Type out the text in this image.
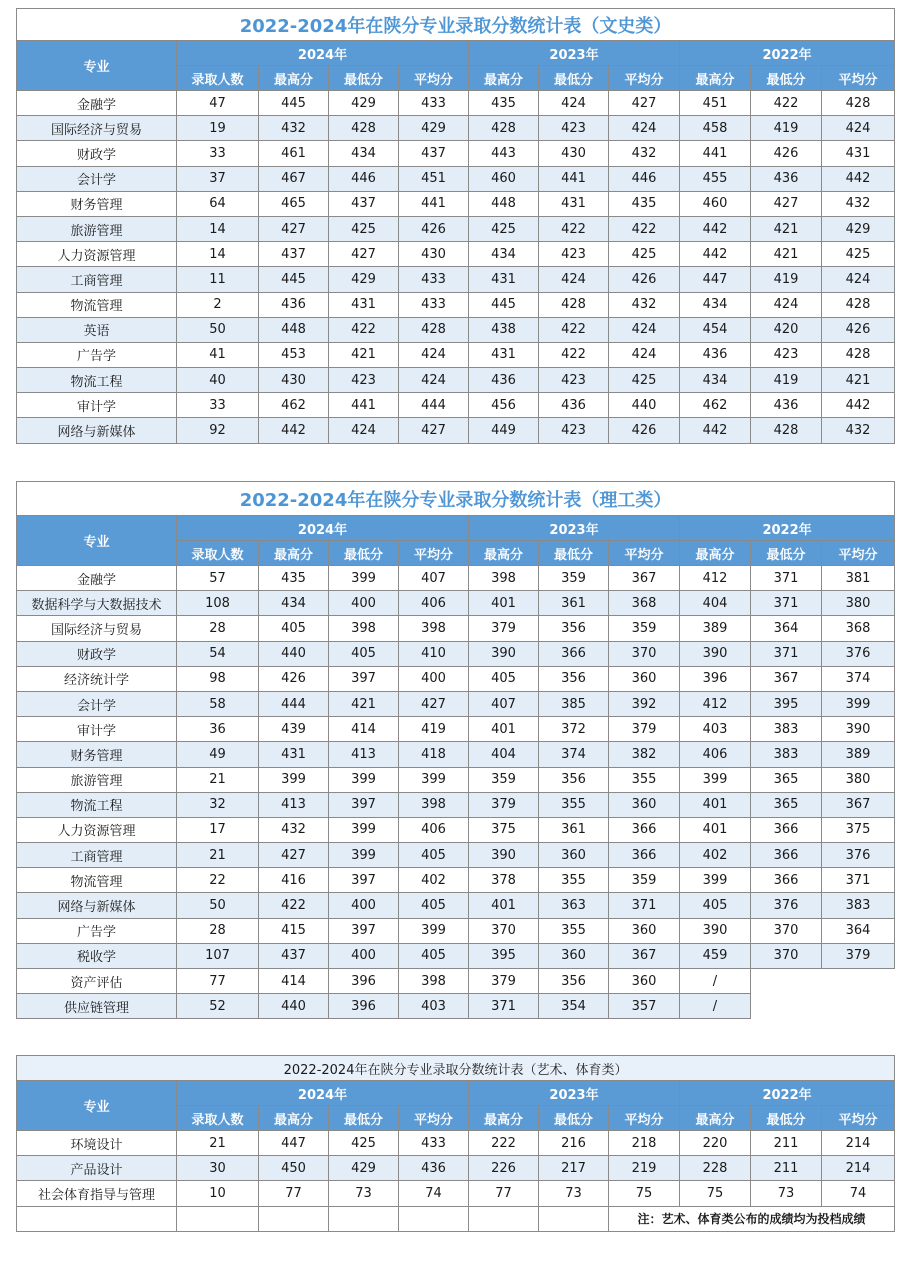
2022-2024年在陕分专业录取分数统计表（文史类）										
专业	2024年				2023年			2022年		
	录取人数	最高分	最低分	平均分	最高分	最低分	平均分	最高分	最低分	平均分
金融学	47	445	429	433	435	424	427	451	422	428
国际经济与贸易	19	432	428	429	428	423	424	458	419	424
财政学	33	461	434	437	443	430	432	441	426	431
会计学	37	467	446	451	460	441	446	455	436	442
财务管理	64	465	437	441	448	431	435	460	427	432
旅游管理	14	427	425	426	425	422	422	442	421	429
人力资源管理	14	437	427	430	434	423	425	442	421	425
工商管理	11	445	429	433	431	424	426	447	419	424
物流管理	2	436	431	433	445	428	432	434	424	428
英语	50	448	422	428	438	422	424	454	420	426
广告学	41	453	421	424	431	422	424	436	423	428
物流工程	40	430	423	424	436	423	425	434	419	421
审计学	33	462	441	444	456	436	440	462	436	442
网络与新媒体	92	442	424	427	449	423	426	442	428	432
2022-2024年在陕分专业录取分数统计表（理工类）										
专业	2024年				2023年			2022年		
	录取人数	最高分	最低分	平均分	最高分	最低分	平均分	最高分	最低分	平均分
金融学	57	435	399	407	398	359	367	412	371	381
数据科学与大数据技术	108	434	400	406	401	361	368	404	371	380
国际经济与贸易	28	405	398	398	379	356	359	389	364	368
财政学	54	440	405	410	390	366	370	390	371	376
经济统计学	98	426	397	400	405	356	360	396	367	374
会计学	58	444	421	427	407	385	392	412	395	399
审计学	36	439	414	419	401	372	379	403	383	390
财务管理	49	431	413	418	404	374	382	406	383	389
旅游管理	21	399	399	399	359	356	355	399	365	380
物流工程	32	413	397	398	379	355	360	401	365	367
人力资源管理	17	432	399	406	375	361	366	401	366	375
工商管理	21	427	399	405	390	360	366	402	366	376
物流管理	22	416	397	402	378	355	359	399	366	371
网络与新媒体	50	422	400	405	401	363	371	405	376	383
广告学	28	415	397	399	370	355	360	390	370	364
税收学	107	437	400	405	395	360	367	459	370	379
资产评估	77	414	396	398	379	356	360	/		
供应链管理	52	440	396	403	371	354	357	/		
2022-2024年在陕分专业录取分数统计表（艺术、体育类）										
专业	2024年				2023年			2022年		
	录取人数	最高分	最低分	平均分	最高分	最低分	平均分	最高分	最低分	平均分
环境设计	21	447	425	433	222	216	218	220	211	214
产品设计	30	450	429	436	226	217	219	228	211	214
社会体育指导与管理	10	77	73	74	77	73	75	75	73	74
							注：艺术、体育类公布的成绩均为投档成绩			
